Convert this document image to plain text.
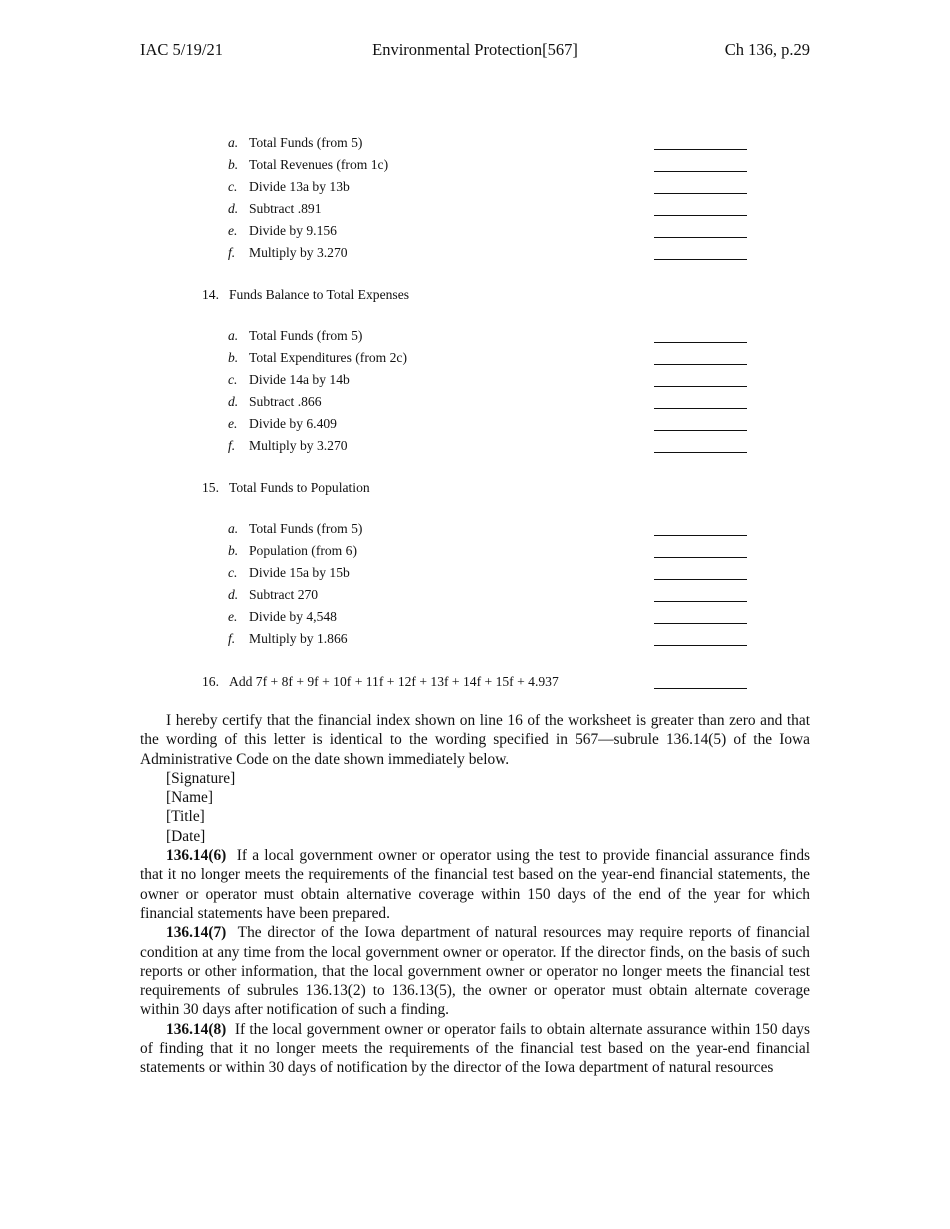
IAC 5/19/21	Environmental Protection[567]	Ch 136, p.29
a. Total Funds (from 5)
b. Total Revenues (from 1c)
c. Divide 13a by 13b
d. Subtract .891
e. Divide by 9.156
f. Multiply by 3.270
14. Funds Balance to Total Expenses
a. Total Funds (from 5)
b. Total Expenditures (from 2c)
c. Divide 14a by 14b
d. Subtract .866
e. Divide by 6.409
f. Multiply by 3.270
15. Total Funds to Population
a. Total Funds (from 5)
b. Population (from 6)
c. Divide 15a by 15b
d. Subtract 270
e. Divide by 4,548
f. Multiply by 1.866
16. Add 7f + 8f + 9f + 10f + 11f + 12f + 13f + 14f + 15f + 4.937

I hereby certify that the financial index shown on line 16 of the worksheet is greater than zero and that the wording of this letter is identical to the wording specified in 567—subrule 136.14(5) of the Iowa Administrative Code on the date shown immediately below.

[Signature]

[Name]

[Title]

[Date]

136.14(6) If a local government owner or operator using the test to provide financial assurance finds that it no longer meets the requirements of the financial test based on the year-end financial statements, the owner or operator must obtain alternative coverage within 150 days of the end of the year for which financial statements have been prepared.

136.14(7) The director of the Iowa department of natural resources may require reports of financial condition at any time from the local government owner or operator. If the director finds, on the basis of such reports or other information, that the local government owner or operator no longer meets the financial test requirements of subrules 136.13(2) to 136.13(5), the owner or operator must obtain alternate coverage within 30 days after notification of such a finding.

136.14(8) If the local government owner or operator fails to obtain alternate assurance within 150 days of finding that it no longer meets the requirements of the financial test based on the year-end financial statements or within 30 days of notification by the director of the Iowa department of natural resources
